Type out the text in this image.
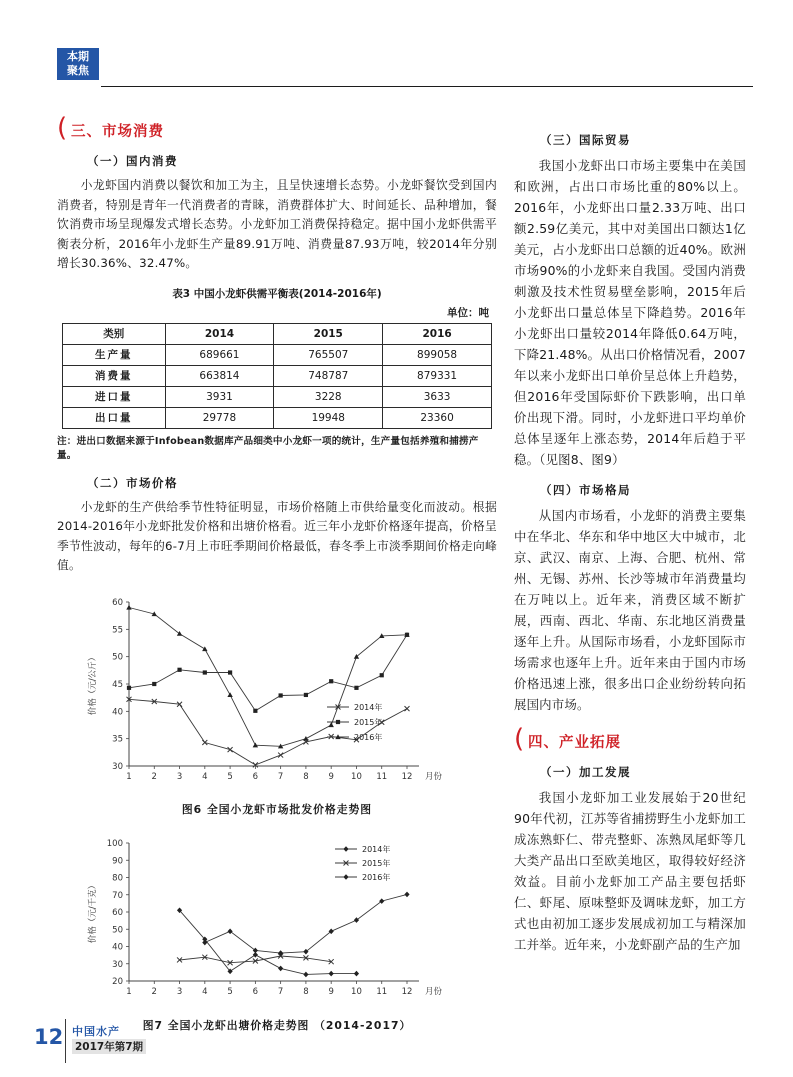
本期
聚焦
( 三、市场消费
（一）国内消费

小龙虾国内消费以餐饮和加工为主，且呈快速增长态势。小龙虾餐饮受到国内消费者，特别是青年一代消费者的青睐，消费群体扩大、时间延长、品种增加，餐饮消费市场呈现爆发式增长态势。小龙虾加工消费保持稳定。据中国小龙虾供需平衡表分析，2016年小龙虾生产量89.91万吨、消费量87.93万吨，较2014年分别增长30.36%、32.47%。

表3 中国小龙虾供需平衡表(2014-2016年)
单位：吨
类别	2014	2015	2016
生产量	689661	765507	899058
消费量	663814	748787	879331
进口量	3931	3228	3633
出口量	29778	19948	23360

注：进出口数据来源于Infobean数据库产品细类中小龙虾一项的统计，生产量包括养殖和捕捞产量。

（二）市场价格

小龙虾的生产供给季节性特征明显，市场价格随上市供给量变化而波动。根据2014-2016年小龙虾批发价格和出塘价格看。近三年小龙虾价格逐年提高，价格呈季节性波动，每年的6-7月上市旺季期间价格最低，春冬季上市淡季期间价格走向峰值。

30
35
40
45
50
55
60
1 2 3 4 5 6 7 8 9 10 11 12 月份
价格（元/公斤）	2014年
2015年
2016年
图6 全国小龙虾市场批发价格走势图
20
30
40
50
60
70
80
90
100
1 2 3 4 5 6 7 8 9 10 11 12 月份
价格（元/千克）
2014年
2015年
2016年
图7 全国小龙虾出塘价格走势图 （2014-2017）
（三）国际贸易

我国小龙虾出口市场主要集中在美国和欧洲，占出口市场比重的80%以上。2016年，小龙虾出口量2.33万吨、出口额2.59亿美元，其中对美国出口额达1亿美元，占小龙虾出口总额的近40%。欧洲市场90%的小龙虾来自我国。受国内消费刺激及技术性贸易壁垒影响，2015年后小龙虾出口量总体呈下降趋势。2016年小龙虾出口量较2014年降低0.64万吨，下降21.48%。从出口价格情况看，2007年以来小龙虾出口单价呈总体上升趋势，但2016年受国际虾价下跌影响，出口单价出现下滑。同时，小龙虾进口平均单价总体呈逐年上涨态势，2014年后趋于平稳。（见图8、图9）

（四）市场格局

从国内市场看，小龙虾的消费主要集中在华北、华东和华中地区大中城市，北京、武汉、南京、上海、合肥、杭州、常州、无锡、苏州、长沙等城市年消费量均在万吨以上。近年来，消费区域不断扩展，西南、西北、华南、东北地区消费量逐年上升。从国际市场看，小龙虾国际市场需求也逐年上升。近年来由于国内市场价格迅速上涨，很多出口企业纷纷转向拓展国内市场。

( 四、产业拓展
（一）加工发展

我国小龙虾加工业发展始于20世纪90年代初，江苏等省捕捞野生小龙虾加工成冻熟虾仁、带壳整虾、冻熟凤尾虾等几大类产品出口至欧美地区，取得较好经济效益。目前小龙虾加工产品主要包括虾仁、虾尾、原味整虾及调味龙虾，加工方式也由初加工逐步发展成初加工与精深加工并举。近年来，小龙虾副产品的生产加

12 中国水产
2017年第7期
